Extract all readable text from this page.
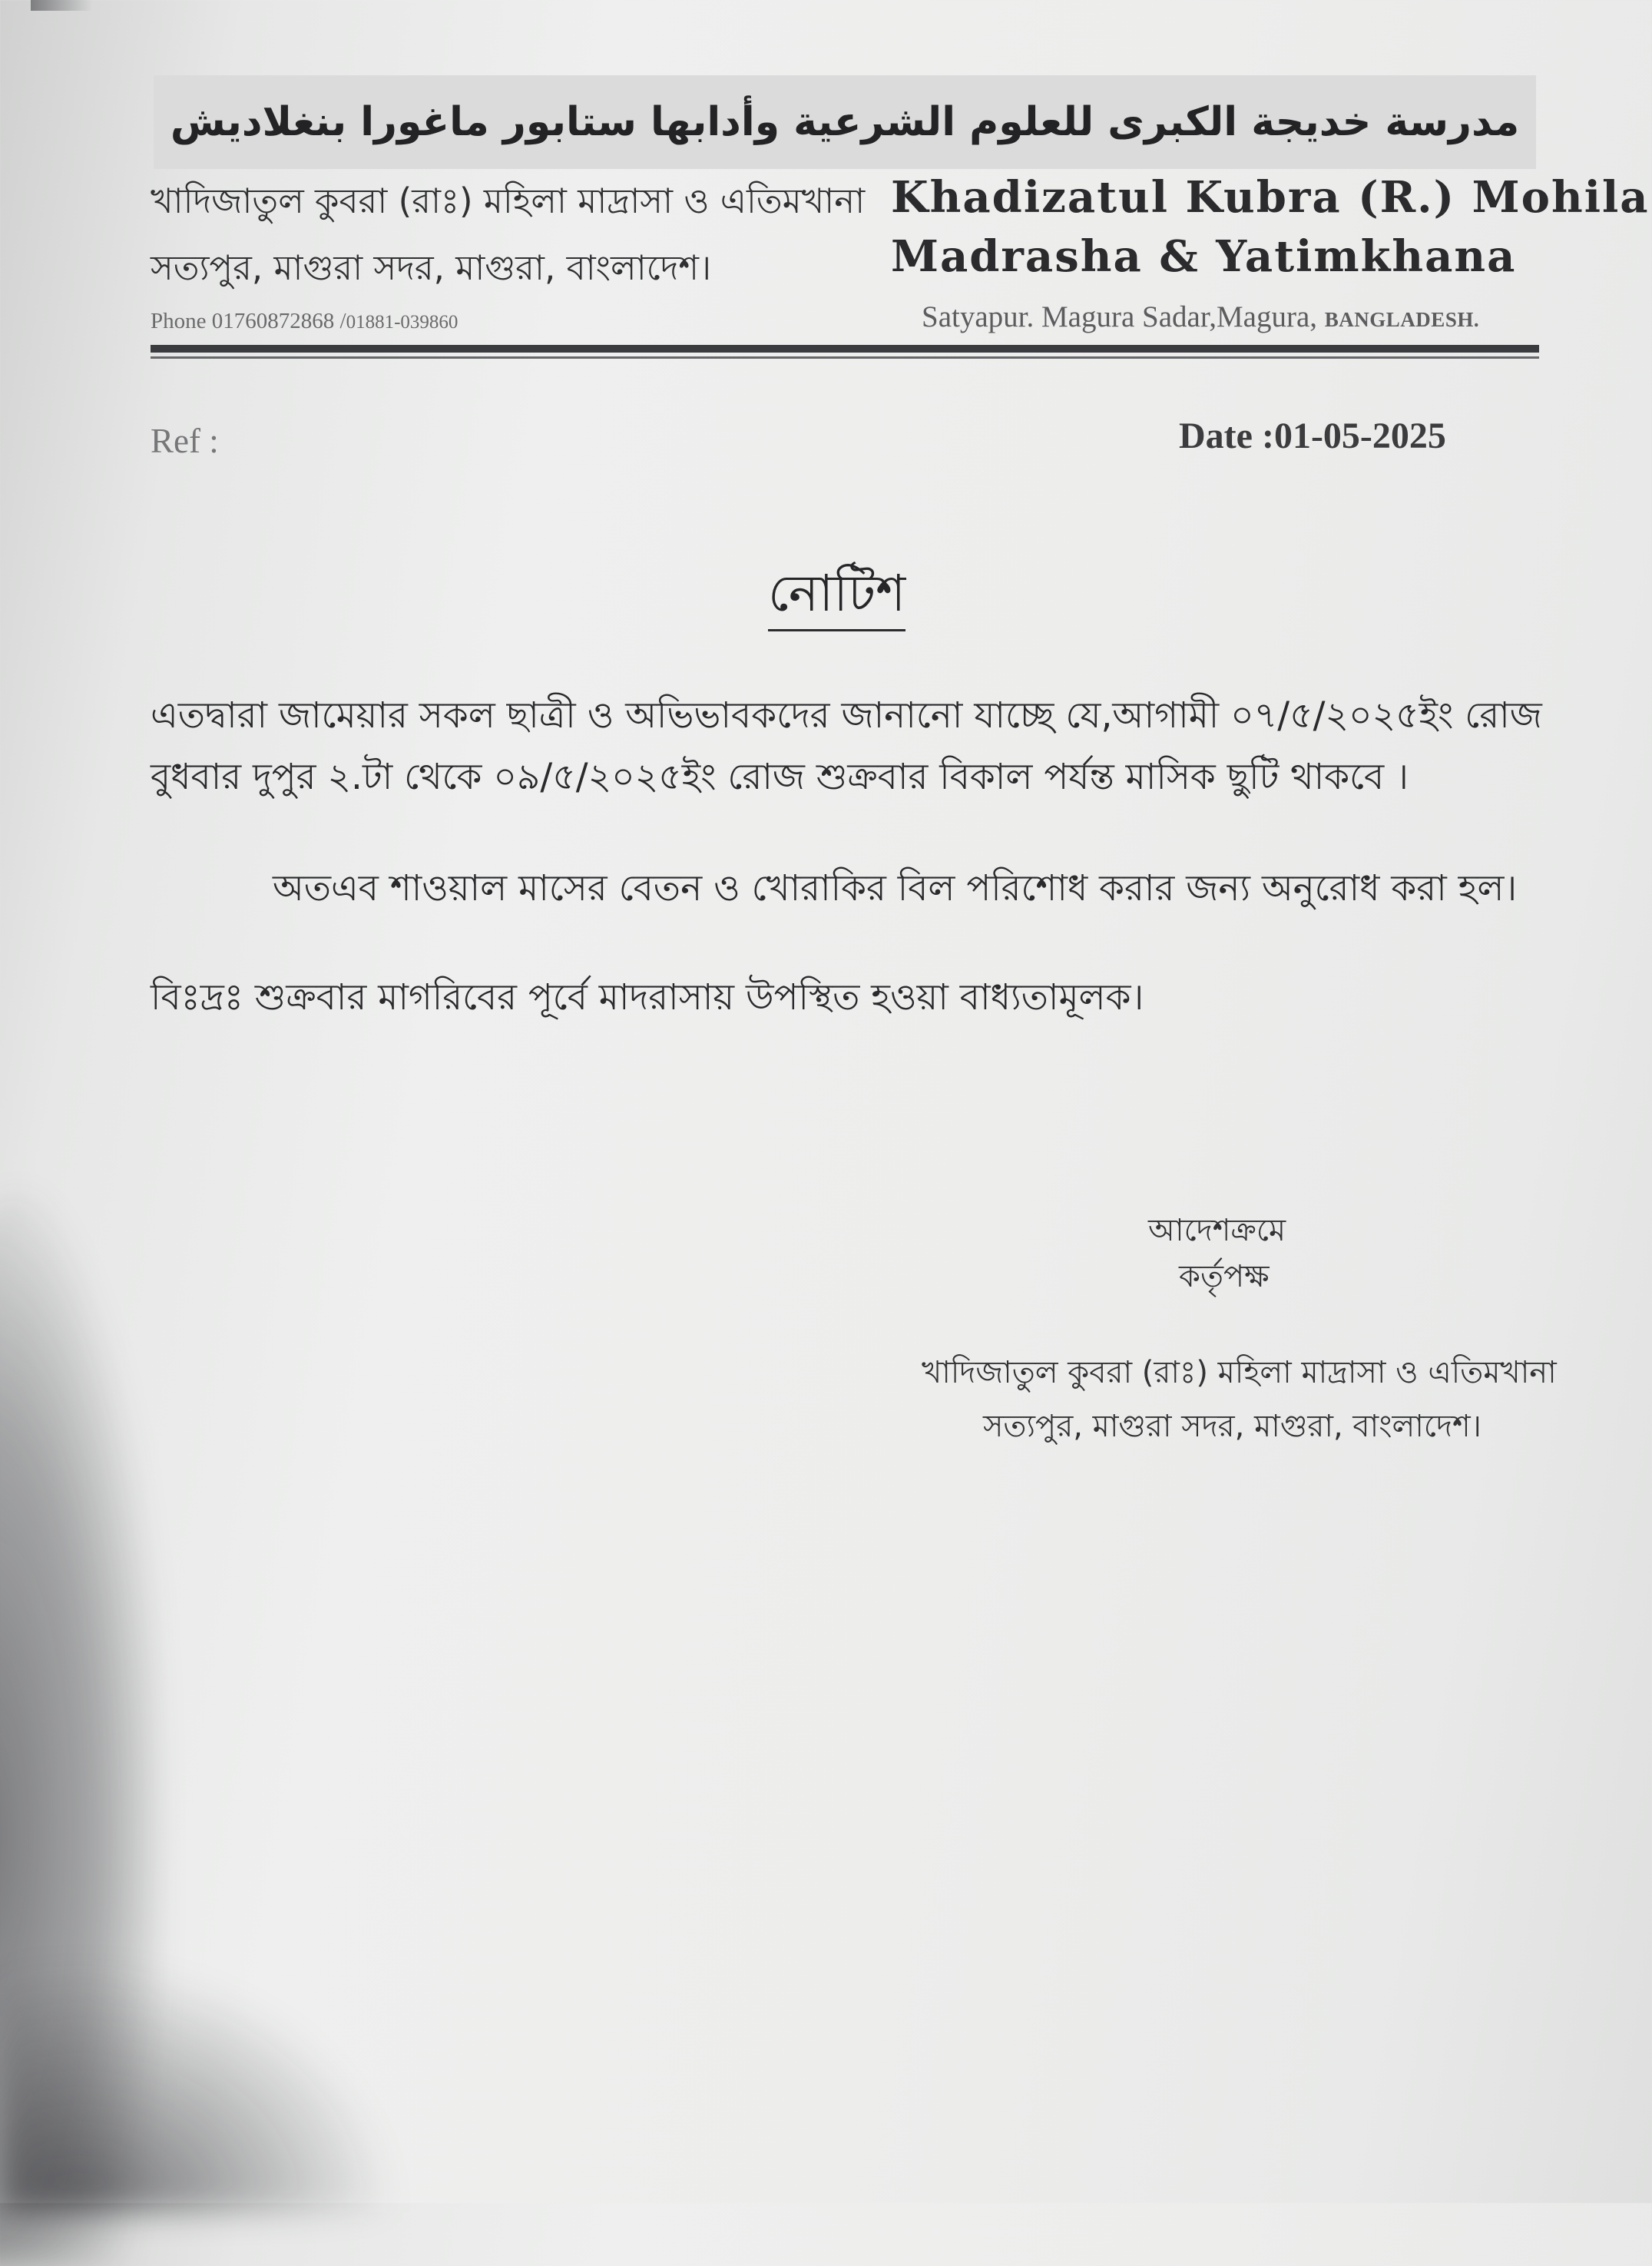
مدرسة خديجة الكبرى للعلوم الشرعية وأدابها ستابور ماغورا بنغلاديش
খাদিজাতুল কুবরা (রাঃ) মহিলা মাদ্রাসা ও এতিমখানা
সত্যপুর, মাগুরা সদর, মাগুরা, বাংলাদেশ।
Khadizatul Kubra (R.) Mohila
Madrasha & Yatimkhana
Phone 01760872868 /01881-039860	Satyapur. Magura Sadar,Magura, BANGLADESH.
Ref :	Date :01-05-2025
নোটিশ
এতদ্বারা জামেয়ার সকল ছাত্রী ও অভিভাবকদের জানানো যাচ্ছে যে,আগামী ০৭/৫/২০২৫ইং রোজ
বুধবার দুপুর ২.টা থেকে ০৯/৫/২০২৫ইং রোজ শুক্রবার বিকাল পর্যন্ত মাসিক ছুটি থাকবে ।
অতএব শাওয়াল মাসের বেতন ও খোরাকির বিল পরিশোধ করার জন্য অনুরোধ করা হল।
বিঃদ্রঃ শুক্রবার মাগরিবের পূর্বে মাদরাসায় উপস্থিত হওয়া বাধ্যতামূলক।
আদেশক্রমে
কর্তৃপক্ষ
খাদিজাতুল কুবরা (রাঃ) মহিলা মাদ্রাসা ও এতিমখানা
সত্যপুর, মাগুরা সদর, মাগুরা, বাংলাদেশ।
